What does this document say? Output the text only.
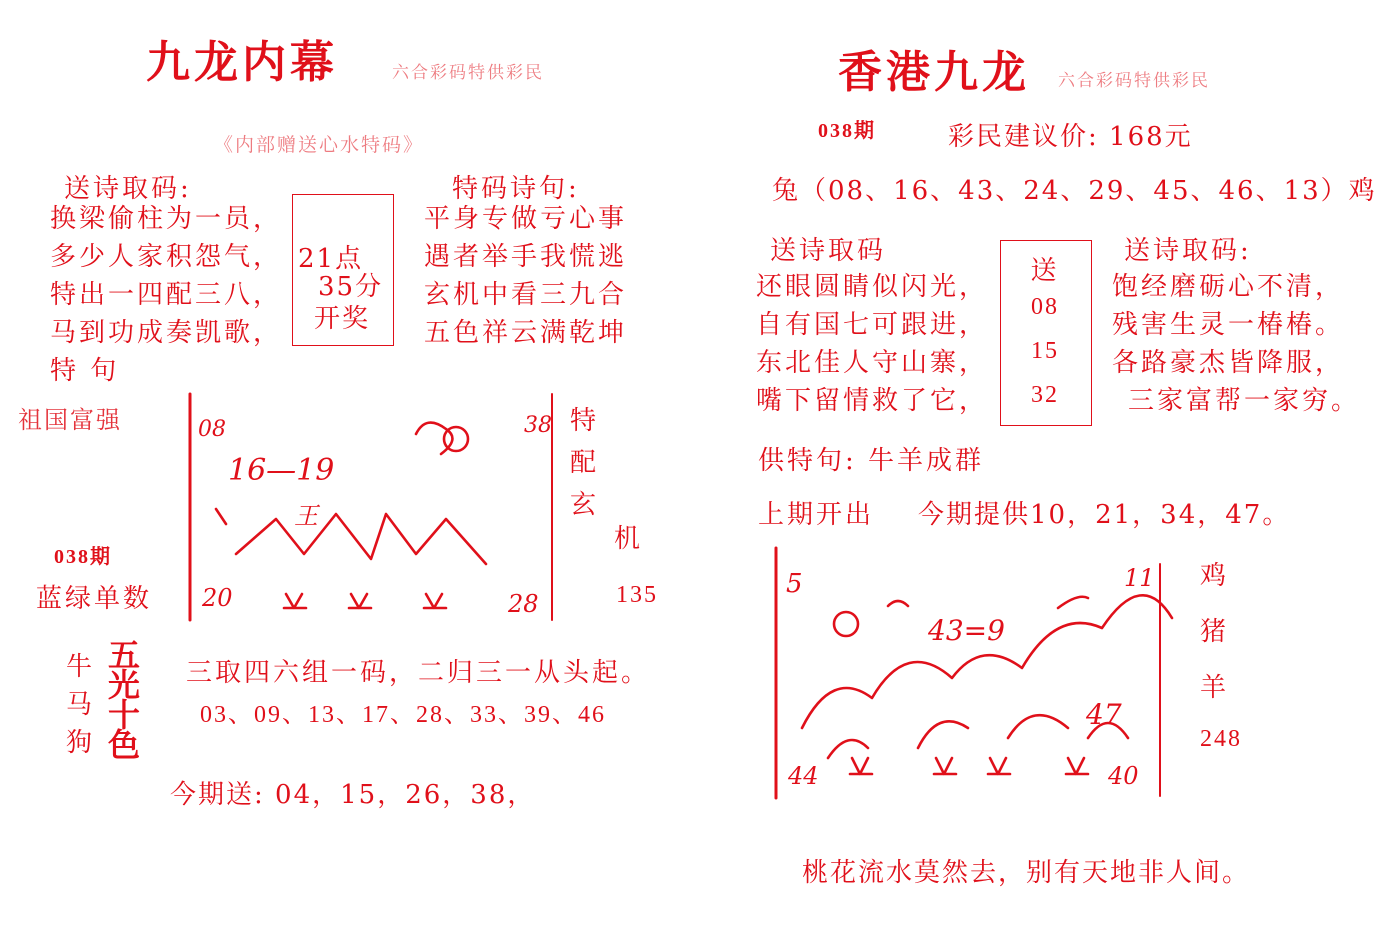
九龙内幕	六合彩码特供彩民
《内部赠送心水特码》
送诗取码:
换梁偷柱为一员，
多少人家积怨气，
特出一四配三八，
马到功成奏凯歌，
特 句
祖国富强
21点
35分
开奖
特码诗句:
平身专做亏心事
遇者举手我慌逃
玄机中看三九合
五色祥云满乾坤
08	38
16—19
王
20	28
特
配
玄
机
135
038期
蓝绿单数
牛
马
狗
五
光
十
色
三取四六组一码，二归三一从头起。
03、09、13、17、28、33、39、46
今期送: 04，15，26，38，
香港九龙 六合彩码特供彩民
038期	彩民建议价: 168元
兔（08、16、43、24、29、45、46、13）鸡
送诗取码
还眼圆睛似闪光，
自有国七可跟进，
东北佳人守山寨，
嘴下留情救了它，
送
08
15
32
送诗取码:
饱经磨砺心不清，
残害生灵一椿椿。
各路豪杰皆降服，
三家富帮一家穷。
供特句: 牛羊成群
上期开出 今期提供10，21，34，47。
5	11
43=9
47
44	40
鸡
猪
羊
248
桃花流水莫然去，别有天地非人间。
